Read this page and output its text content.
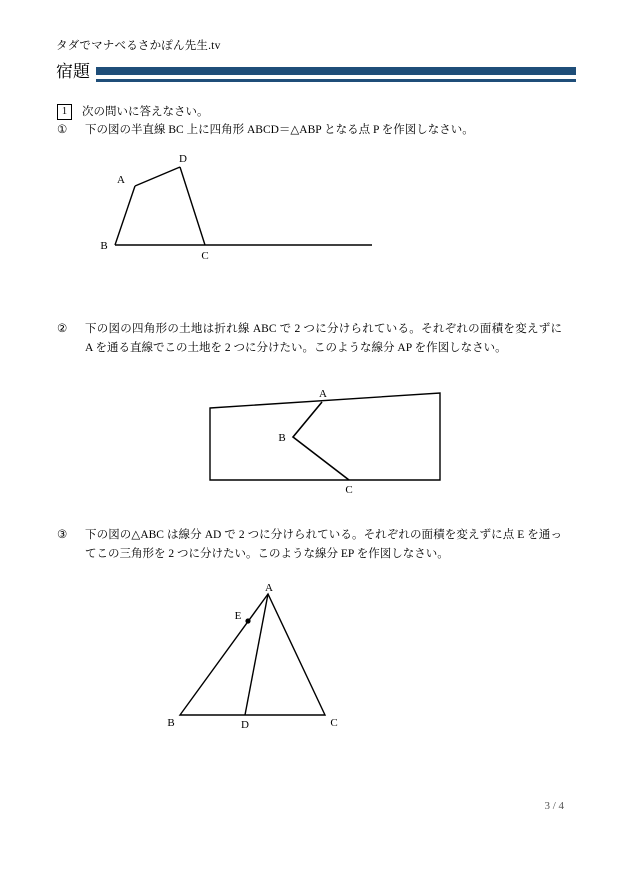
タダでマナべるさかぽん先生.tv
宿題
1	次の問いに答えなさい。
①	下の図の半直線 BC 上に四角形 ABCD＝△ABP となる点 P を作図しなさい。
A
B
C
D
②	下の図の四角形の土地は折れ線 ABC で 2 つに分けられている。それぞれの面積を変えずに A を通る直線でこの土地を 2 つに分けたい。このような線分 AP を作図しなさい。
A
B
C
③	下の図の△ABC は線分 AD で 2 つに分けられている。それぞれの面積を変えずに点 E を通ってこの三角形を 2 つに分けたい。このような線分 EP を作図しなさい。
A
B	C
D
E
3 / 4
